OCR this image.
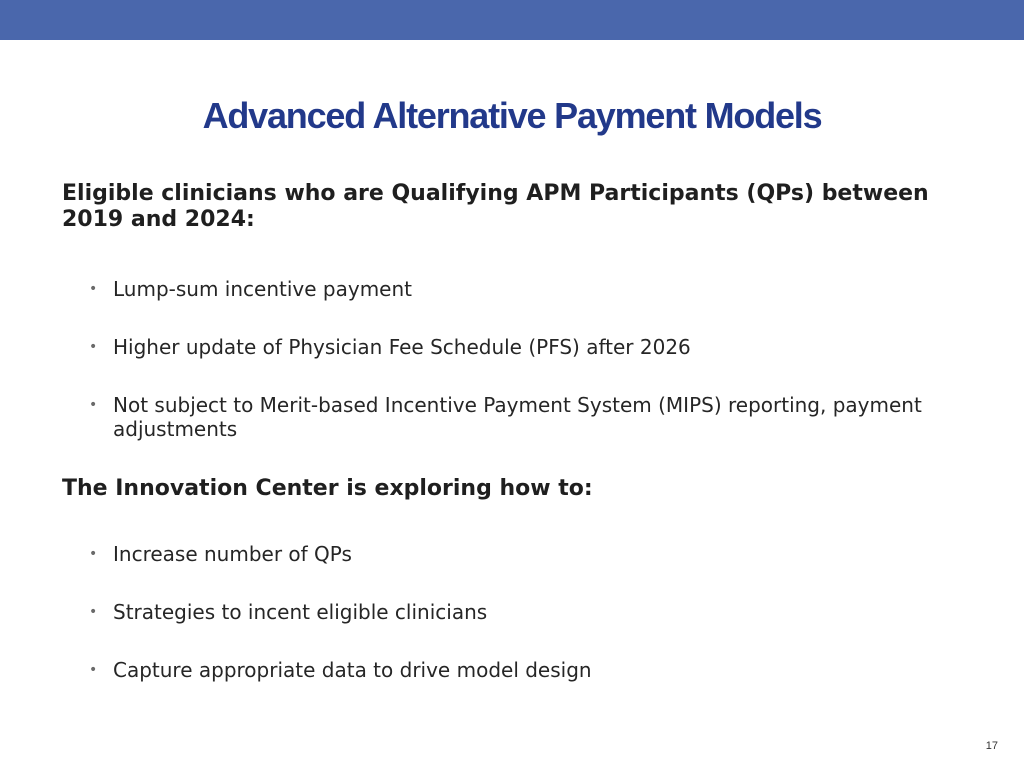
Advanced Alternative Payment Models
Eligible clinicians who are Qualifying APM Participants (QPs) between 2019 and 2024:
• Lump-sum incentive payment
• Higher update of Physician Fee Schedule (PFS) after 2026
• Not subject to Merit-based Incentive Payment System (MIPS) reporting, payment adjustments
The Innovation Center is exploring how to:
• Increase number of QPs
• Strategies to incent eligible clinicians
• Capture appropriate data to drive model design
17
